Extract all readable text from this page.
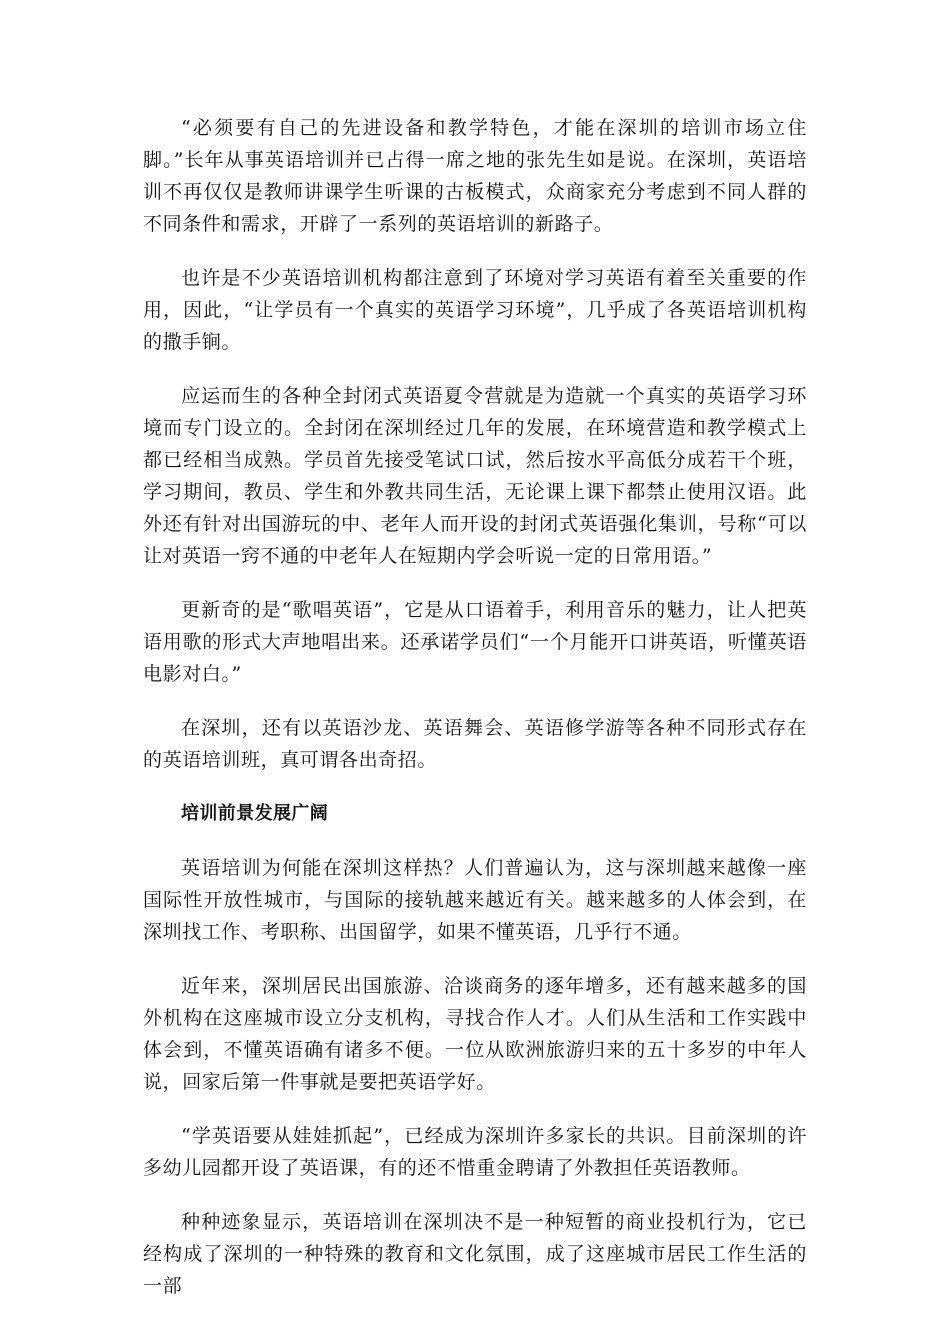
“必须要有自己的先进设备和教学特色，才能在深圳的培训市场立住脚。”长年从事英语培训并已占得一席之地的张先生如是说。在深圳，英语培训不再仅仅是教师讲课学生听课的古板模式，众商家充分考虑到不同人群的不同条件和需求，开辟了一系列的英语培训的新路子。

也许是不少英语培训机构都注意到了环境对学习英语有着至关重要的作用，因此，“让学员有一个真实的英语学习环境”，几乎成了各英语培训机构的撒手锏。

应运而生的各种全封闭式英语夏令营就是为造就一个真实的英语学习环境而专门设立的。全封闭在深圳经过几年的发展，在环境营造和教学模式上都已经相当成熟。学员首先接受笔试口试，然后按水平高低分成若干个班，学习期间，教员、学生和外教共同生活，无论课上课下都禁止使用汉语。此外还有针对出国游玩的中、老年人而开设的封闭式英语强化集训，号称“可以让对英语一窍不通的中老年人在短期内学会听说一定的日常用语。”

更新奇的是“歌唱英语”，它是从口语着手，利用音乐的魅力，让人把英语用歌的形式大声地唱出来。还承诺学员们“一个月能开口讲英语，听懂英语电影对白。”

在深圳，还有以英语沙龙、英语舞会、英语修学游等各种不同形式存在的英语培训班，真可谓各出奇招。

培训前景发展广阔

英语培训为何能在深圳这样热？人们普遍认为，这与深圳越来越像一座国际性开放性城市，与国际的接轨越来越近有关。越来越多的人体会到，在深圳找工作、考职称、出国留学，如果不懂英语，几乎行不通。

近年来，深圳居民出国旅游、洽谈商务的逐年增多，还有越来越多的国外机构在这座城市设立分支机构，寻找合作人才。人们从生活和工作实践中体会到，不懂英语确有诸多不便。一位从欧洲旅游归来的五十多岁的中年人说，回家后第一件事就是要把英语学好。

“学英语要从娃娃抓起”，已经成为深圳许多家长的共识。目前深圳的许多幼儿园都开设了英语课，有的还不惜重金聘请了外教担任英语教师。

种种迹象显示，英语培训在深圳决不是一种短暂的商业投机行为，它已经构成了深圳的一种特殊的教育和文化氛围，成了这座城市居民工作生活的一部
